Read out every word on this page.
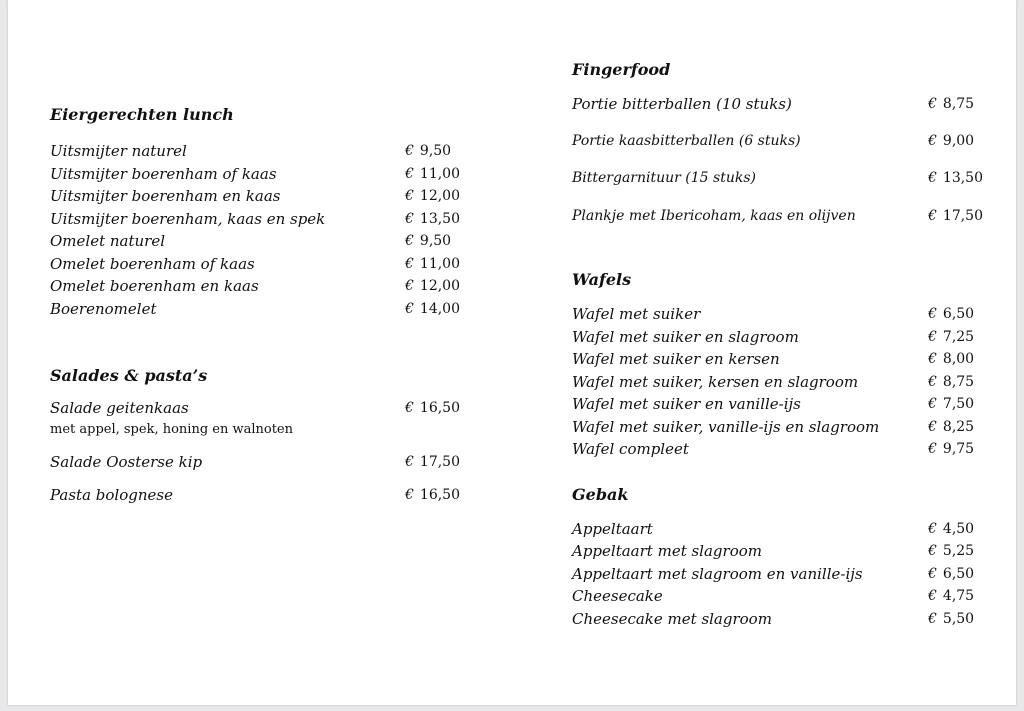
Eiergerechten lunch
Uitsmijter naturel	€ 9,50
Uitsmijter boerenham of kaas	€ 11,00
Uitsmijter boerenham en kaas	€ 12,00
Uitsmijter boerenham, kaas en spek	€ 13,50
Omelet naturel	€ 9,50
Omelet boerenham of kaas	€ 11,00
Omelet boerenham en kaas	€ 12,00
Boerenomelet	€ 14,00
Salades & pasta’s
Salade geitenkaas	€ 16,50
met appel, spek, honing en walnoten
Salade Oosterse kip	€ 17,50
Pasta bolognese	€ 16,50
Fingerfood
Portie bitterballen (10 stuks)	€ 8,75
Portie kaasbitterballen (6 stuks)	€ 9,00
Bittergarnituur (15 stuks)	€ 13,50
Plankje met Ibericoham, kaas en olijven	€ 17,50
Wafels
Wafel met suiker	€ 6,50
Wafel met suiker en slagroom	€ 7,25
Wafel met suiker en kersen	€ 8,00
Wafel met suiker, kersen en slagroom	€ 8,75
Wafel met suiker en vanille-ijs	€ 7,50
Wafel met suiker, vanille-ijs en slagroom	€ 8,25
Wafel compleet	€ 9,75
Gebak
Appeltaart	€ 4,50
Appeltaart met slagroom	€ 5,25
Appeltaart met slagroom en vanille-ijs	€ 6,50
Cheesecake	€ 4,75
Cheesecake met slagroom	€ 5,50
